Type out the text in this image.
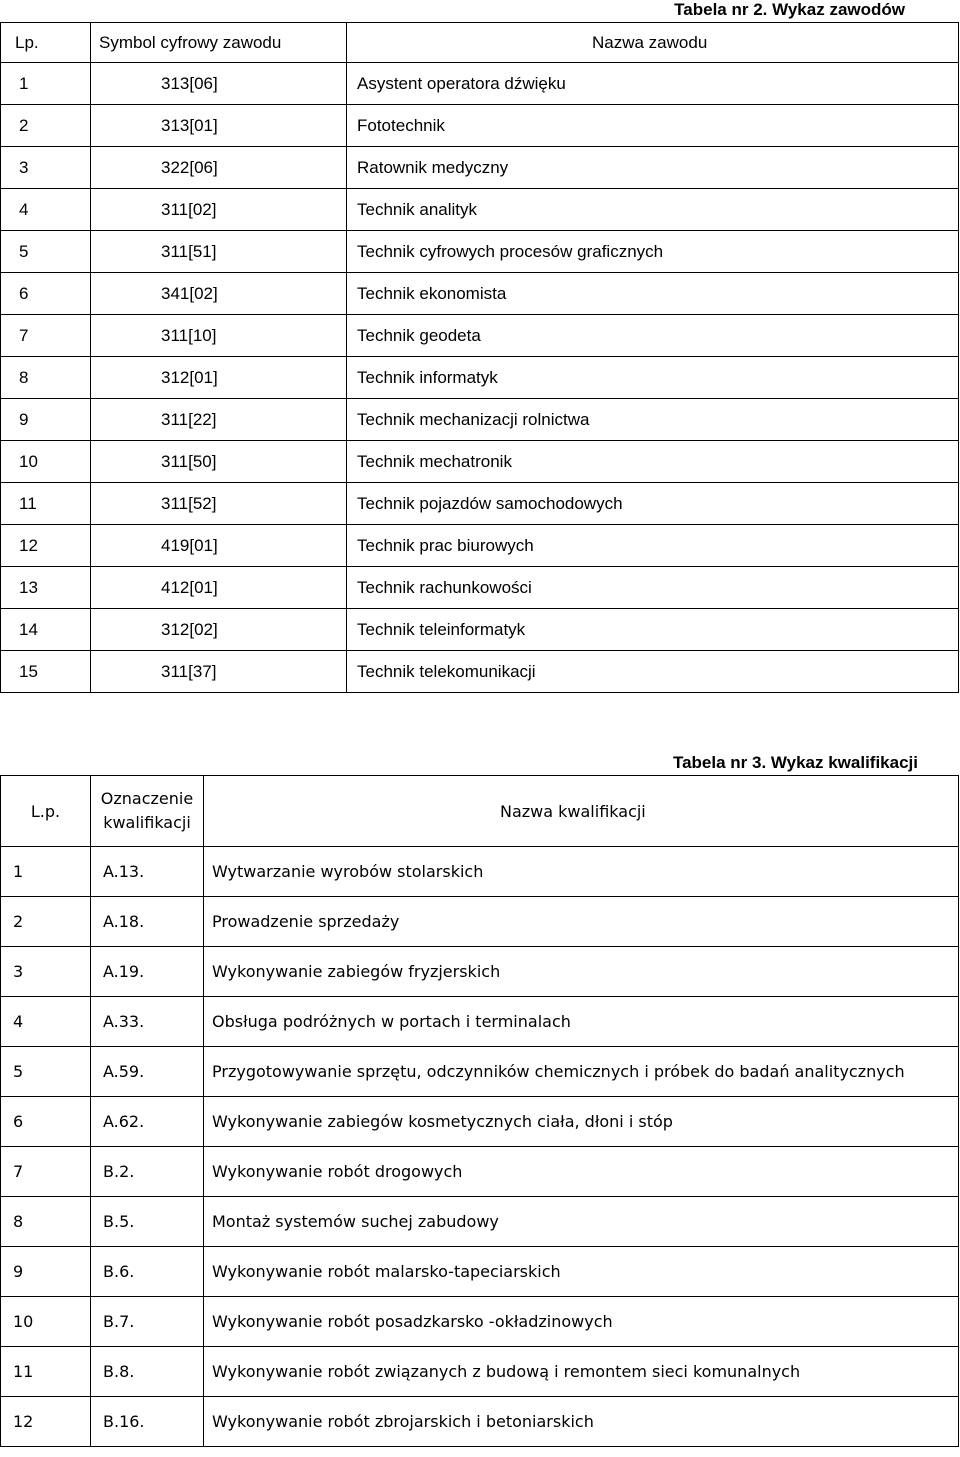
Tabela nr 2. Wykaz zawodów
Lp.	Symbol cyfrowy zawodu	Nazwa zawodu
1	313[06]	Asystent operatora dźwięku
2	313[01]	Fototechnik
3	322[06]	Ratownik medyczny
4	311[02]	Technik analityk
5	311[51]	Technik cyfrowych procesów graficznych
6	341[02]	Technik ekonomista
7	311[10]	Technik geodeta
8	312[01]	Technik informatyk
9	311[22]	Technik mechanizacji rolnictwa
10	311[50]	Technik mechatronik
11	311[52]	Technik pojazdów samochodowych
12	419[01]	Technik prac biurowych
13	412[01]	Technik rachunkowości
14	312[02]	Technik teleinformatyk
15	311[37]	Technik telekomunikacji
Tabela nr 3. Wykaz kwalifikacji
L.p.	Oznaczenie kwalifikacji	Nazwa kwalifikacji
1	A.13.	Wytwarzanie wyrobów stolarskich
2	A.18.	Prowadzenie sprzedaży
3	A.19.	Wykonywanie zabiegów fryzjerskich
4	A.33.	Obsługa podróżnych w portach i terminalach
5	A.59.	Przygotowywanie sprzętu, odczynników chemicznych i próbek do badań analitycznych
6	A.62.	Wykonywanie zabiegów kosmetycznych ciała, dłoni i stóp
7	B.2.	Wykonywanie robót drogowych
8	B.5.	Montaż systemów suchej zabudowy
9	B.6.	Wykonywanie robót malarsko-tapeciarskich
10	B.7.	Wykonywanie robót posadzkarsko -okładzinowych
11	B.8.	Wykonywanie robót związanych z budową i remontem sieci komunalnych
12	B.16.	Wykonywanie robót zbrojarskich i betoniarskich
